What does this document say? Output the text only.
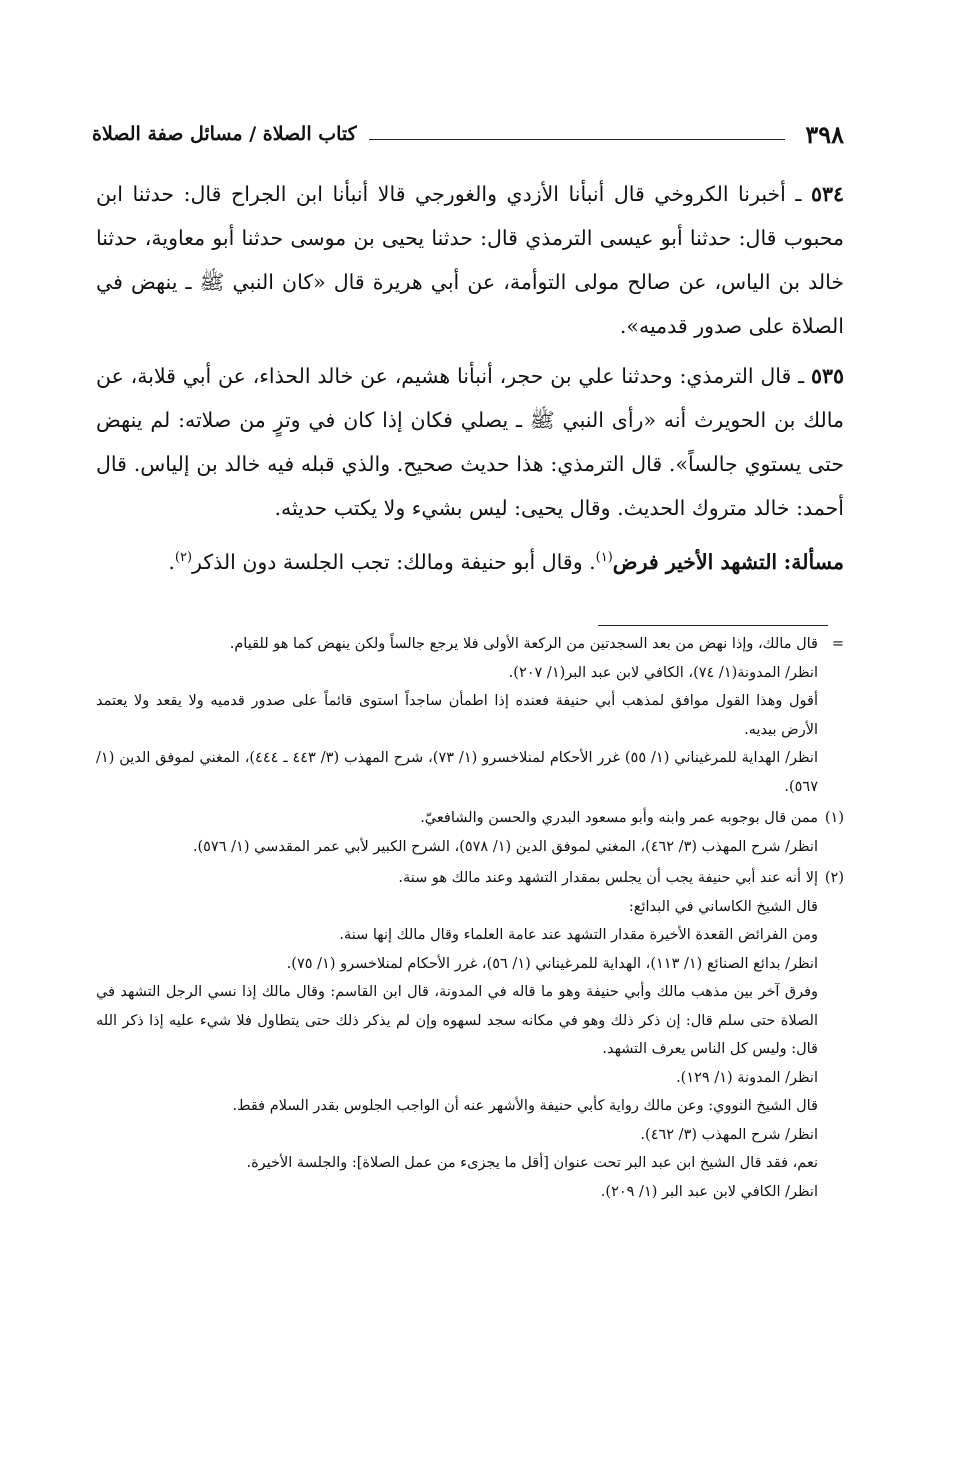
٣٩٨
كتاب الصلاة / مسائل صفة الصلاة

٥٣٤ ـ أخبرنا الكروخي قال أنبأنا الأزدي والغورجي قالا أنبأنا ابن الجراح قال: حدثنا ابن محبوب قال: حدثنا أبو عيسى الترمذي قال: حدثنا يحيى بن موسى حدثنا أبو معاوية، حدثنا خالد بن الياس، عن صالح مولى التوأمة، عن أبي هريرة قال «كان النبي ﷺ ـ ينهض في الصلاة على صدور قدميه».

٥٣٥ ـ قال الترمذي: وحدثنا علي بن حجر، أنبأنا هشيم، عن خالد الحذاء، عن أبي قلابة، عن مالك بن الحويرث أنه «رأى النبي ﷺ ـ يصلي فكان إذا كان في وترٍ من صلاته: لم ينهض حتى يستوي جالساً». قال الترمذي: هذا حديث صحيح. والذي قبله فيه خالد بن إلياس. قال أحمد: خالد متروك الحديث. وقال يحيى: ليس بشيء ولا يكتب حديثه.

مسألة: التشهد الأخير فرض$^{(١)}$. وقال أبو حنيفة ومالك: تجب الجلسة دون الذكر$^{(٢)}$.

=
قال مالك، وإذا نهض من بعد السجدتين من الركعة الأولى فلا يرجع جالساً ولكن ينهض كما هو للقيام.
انظر/ المدونة(١/ ٧٤)، الكافي لابن عبد البر(١/ ٢٠٧).
أقول وهذا القول موافق لمذهب أبي حنيفة فعنده إذا اطمأن ساجداً استوى قائماً على صدور قدميه ولا يقعد ولا يعتمد الأرض بيديه.
انظر/ الهداية للمرغيناني (١/ ٥٥) غرر الأحكام لمنلاخسرو (١/ ٧٣)، شرح المهذب (٣/ ٤٤٣ ـ ٤٤٤)، المغني لموفق الدين (١/ ٥٦٧).
(١)
ممن قال بوجوبه عمر وابنه وأبو مسعود البدري والحسن والشافعيّ.
انظر/ شرح المهذب (٣/ ٤٦٢)، المغني لموفق الدين (١/ ٥٧٨)، الشرح الكبير لأبي عمر المقدسي (١/ ٥٧٦).
(٢)
إلا أنه عند أبي حنيفة يجب أن يجلس بمقدار التشهد وعند مالك هو سنة.
قال الشيخ الكاساني في البدائع:
ومن الفرائض القعدة الأخيرة مقدار التشهد عند عامة العلماء وقال مالك إنها سنة.
انظر/ بدائع الصنائع (١/ ١١٣)، الهداية للمرغيناني (١/ ٥٦)، غرر الأحكام لمنلاخسرو (١/ ٧٥).
وفرق آخر بين مذهب مالك وأبي حنيفة وهو ما قاله في المدونة، قال ابن القاسم: وقال مالك إذا نسي الرجل التشهد في الصلاة حتى سلم قال: إن ذكر ذلك وهو في مكانه سجد لسهوه وإن لم يذكر ذلك حتى يتطاول فلا شيء عليه إذا ذكر الله قال: وليس كل الناس يعرف التشهد.
انظر/ المدونة (١/ ١٢٩).
قال الشيخ النووي: وعن مالك رواية كأبي حنيفة والأشهر عنه أن الواجب الجلوس بقدر السلام فقط.
انظر/ شرح المهذب (٣/ ٤٦٢).
نعم، فقد قال الشيخ ابن عبد البر تحت عنوان [أقل ما يجزىء من عمل الصلاة]: والجلسة الأخيرة.
انظر/ الكافي لابن عبد البر (١/ ٢٠٩).
